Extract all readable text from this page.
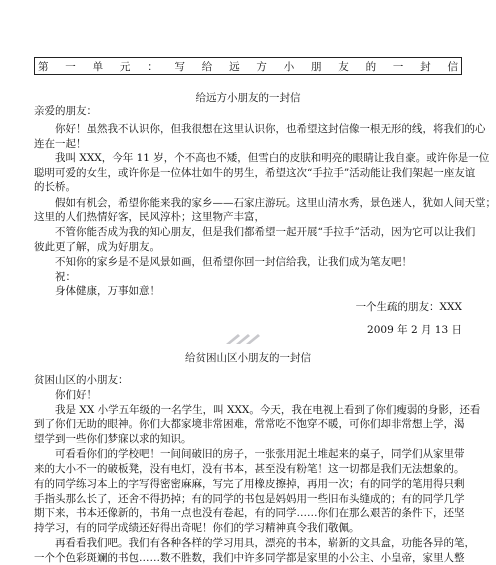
第 一 单 元 ： 写 给 远 方 小 朋 友 的 一 封 信
给远方小朋友的一封信
亲爱的朋友：
你好！虽然我不认识你，但我很想在这里认识你，也希望这封信像一根无形的线，将我们的心
连在一起！
我叫 XXX，今年 11 岁，个不高也不矮，但雪白的皮肤和明亮的眼睛让我自豪。或许你是一位
聪明可爱的女生，或许你是一位体壮如牛的男生，希望这次“手拉手”活动能让我们架起一座友谊
的长桥。
假如有机会，希望你能来我的家乡——石家庄游玩。这里山清水秀，景色迷人，犹如人间天堂；
这里的人们热情好客，民风淳朴；这里物产丰富，
不管你能否成为我的知心朋友，但是我们都希望一起开展“手拉手”活动，因为它可以让我们
彼此更了解，成为好朋友。
不知你的家乡是不是风景如画，但希望你回一封信给我，让我们成为笔友吧！
祝：
身体健康，万事如意！
一个生疏的朋友：XXX
2009 年 2 月 13 日
给贫困山区小朋友的一封信
贫困山区的小朋友：
你们好！
我是 XX 小学五年级的一名学生，叫 XXX。今天，我在电视上看到了你们瘦弱的身影，还看
到了你们无助的眼神。你们大都家境非常困难，常常吃不饱穿不暖，可你们却非常想上学，渴
望学到一些你们梦寐以求的知识。
可看看你们的学校吧！一间间破旧的房子，一张张用泥土堆起来的桌子，同学们从家里带
来的大小不一的破板凳，没有电灯，没有书本，甚至没有粉笔！这一切都是我们无法想象的。
有的同学练习本上的字写得密密麻麻，写完了用橡皮擦掉，再用一次；有的同学的笔用得只剩
手指头那么长了，还舍不得扔掉；有的同学的书包是妈妈用一些旧布头缝成的；有的同学几学
期下来，书本还像新的，书角一点也没有卷起，有的同学……你们在那么艰苦的条件下，还坚
持学习，有的同学成绩还好得出奇呢！你们的学习精神真令我们敬佩。
再看看我们吧。我们有各种各样的学习用具，漂亮的书本，崭新的文具盒，功能各异的笔，
一个个色彩斑斓的书包……数不胜数，我们中许多同学都是家里的小公主、小皇帝，家里人整
